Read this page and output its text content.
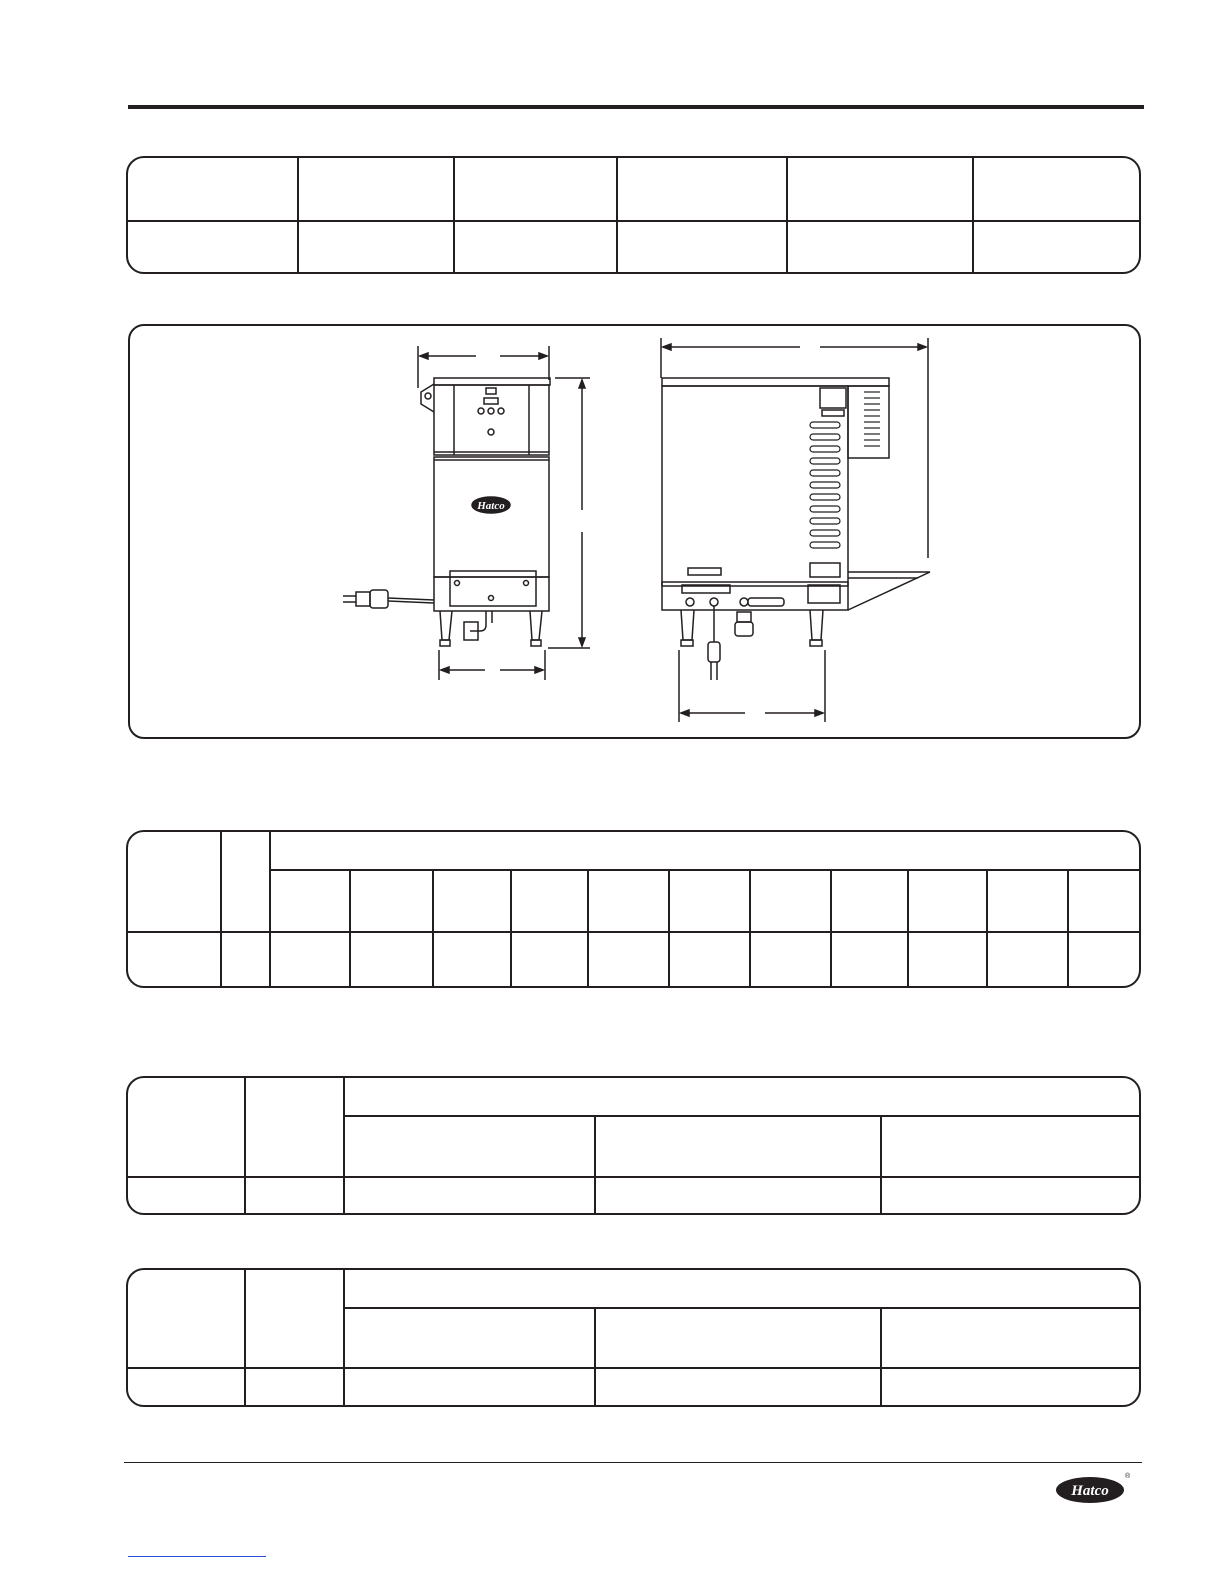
Hatco
Hatco
®
